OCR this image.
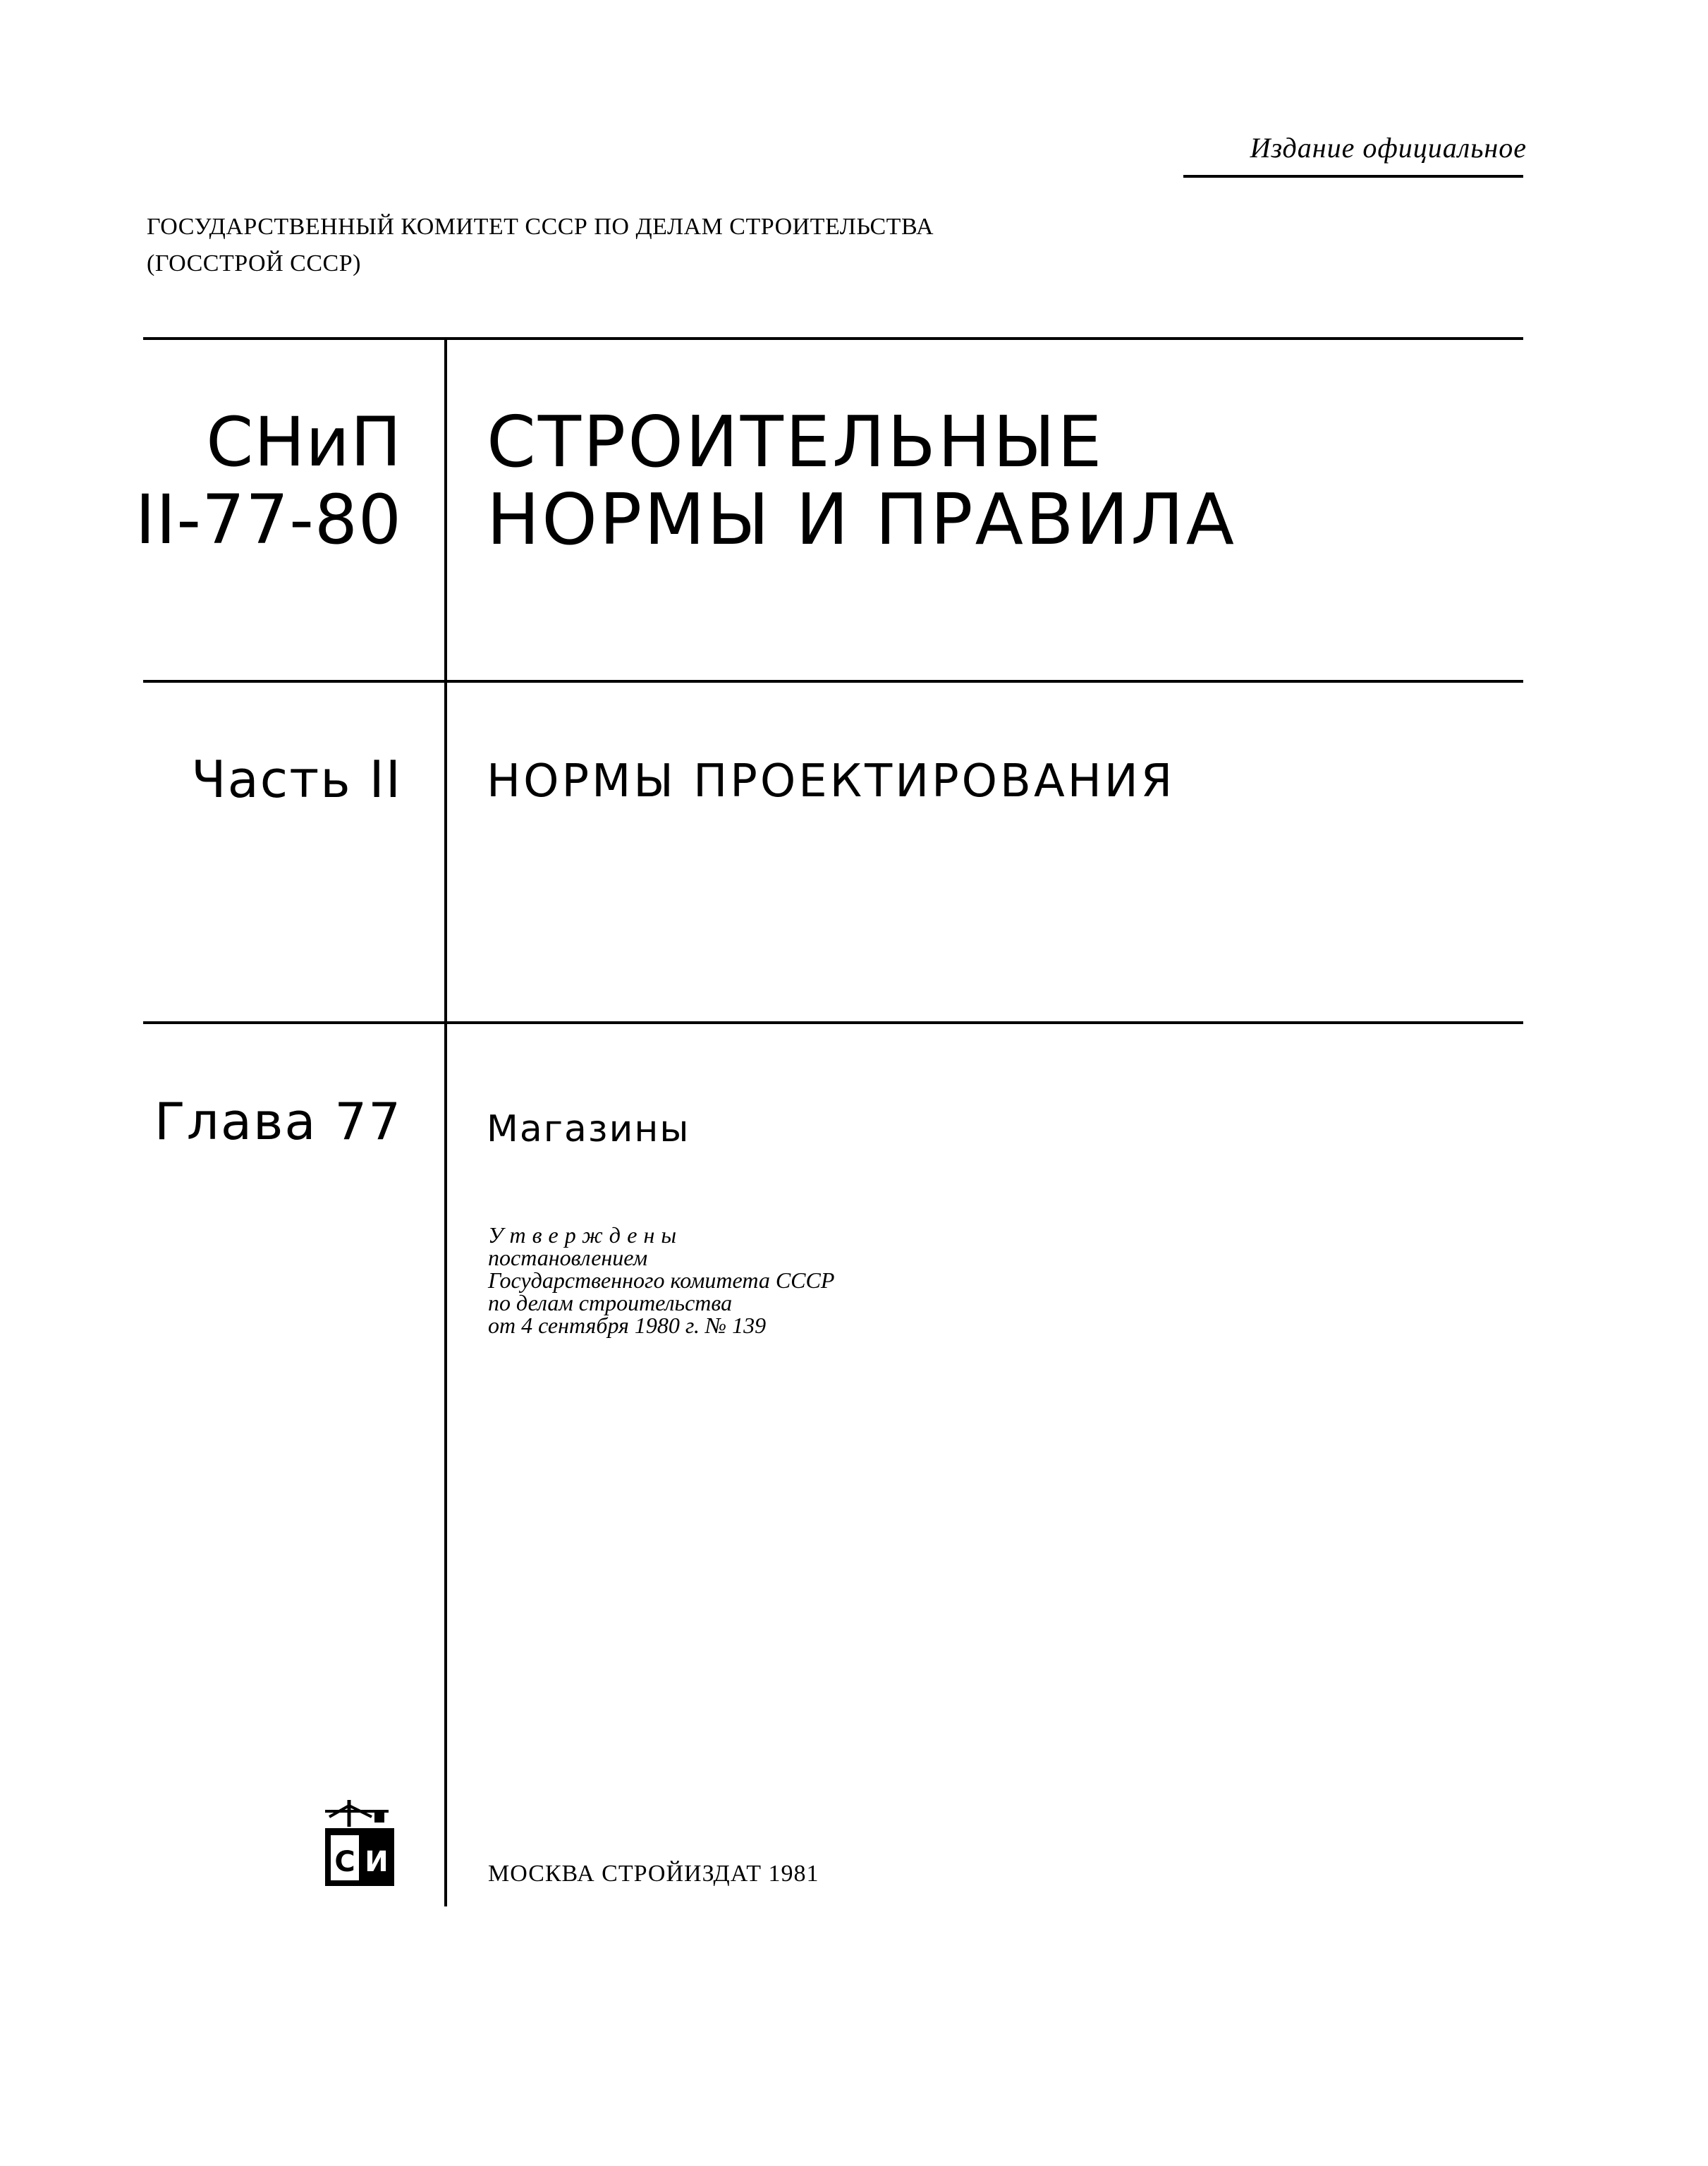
Издание официальное
ГОСУДАРСТВЕННЫЙ КОМИТЕТ СССР ПО ДЕЛАМ СТРОИТЕЛЬСТВА
(ГОССТРОЙ СССР)
СНиП
II-77-80
СТРОИТЕЛЬНЫЕ
НОРМЫ И ПРАВИЛА
Часть II НОРМЫ ПРОЕКТИРОВАНИЯ
Глава 77 Магазины
Утверждены
постановлением
Государственного комитета СССР
по делам строительства
от 4 сентября 1980 г. № 139
С И	МОСКВА СТРОЙИЗДАТ 1981
